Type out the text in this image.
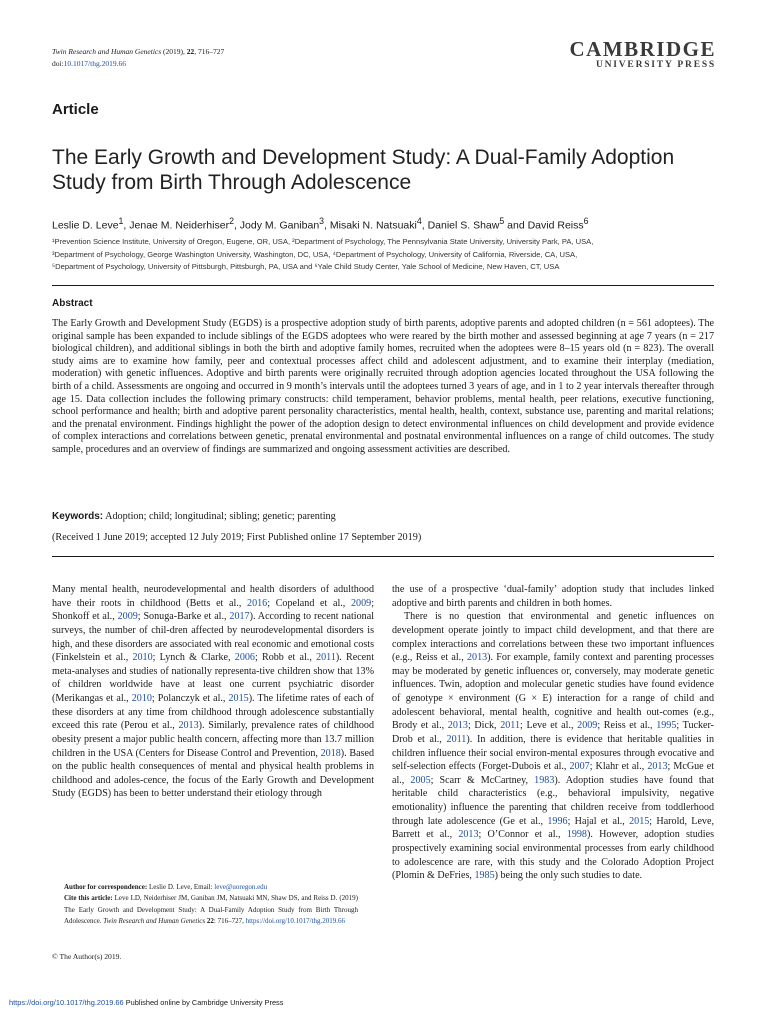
Twin Research and Human Genetics (2019), 22, 716–727
doi:10.1017/thg.2019.66
CAMBRIDGE
UNIVERSITY PRESS
Article
The Early Growth and Development Study: A Dual-Family Adoption Study from Birth Through Adolescence
Leslie D. Leve$^1$, Jenae M. Neiderhiser$^2$, Jody M. Ganiban$^3$, Misaki N. Natsuaki$^4$, Daniel S. Shaw$^5$ and David Reiss$^6$
¹Prevention Science Institute, University of Oregon, Eugene, OR, USA, ²Department of Psychology, The Pennsylvania State University, University Park, PA, USA,
³Department of Psychology, George Washington University, Washington, DC, USA, ⁴Department of Psychology, University of California, Riverside, CA, USA,
⁵Department of Psychology, University of Pittsburgh, Pittsburgh, PA, USA and ⁶Yale Child Study Center, Yale School of Medicine, New Haven, CT, USA
Abstract
The Early Growth and Development Study (EGDS) is a prospective adoption study of birth parents, adoptive parents and adopted children (n = 561 adoptees). The original sample has been expanded to include siblings of the EGDS adoptees who were reared by the birth mother and assessed beginning at age 7 years (n = 217 biological children), and additional siblings in both the birth and adoptive family homes, recruited when the adoptees were 8–15 years old (n = 823). The overall study aims are to examine how family, peer and contextual processes affect child and adolescent adjustment, and to examine their interplay (mediation, moderation) with genetic influences. Adoptive and birth parents were originally recruited through adoption agencies located throughout the USA following the birth of a child. Assessments are ongoing and occurred in 9 month’s intervals until the adoptees turned 3 years of age, and in 1 to 2 year intervals thereafter through age 15. Data collection includes the following primary constructs: child temperament, behavior problems, mental health, peer relations, executive functioning, school performance and health; birth and adoptive parent personality characteristics, mental health, health, context, substance use, parenting and marital relations; and the prenatal environment. Findings highlight the power of the adoption design to detect environmental influences on child development and provide evidence of complex interactions and correlations between genetic, prenatal environmental and postnatal environmental influences on a range of child outcomes. The study sample, procedures and an overview of findings are summarized and ongoing assessment activities are described.
Keywords: Adoption; child; longitudinal; sibling; genetic; parenting
(Received 1 June 2019; accepted 12 July 2019; First Published online 17 September 2019)

Many mental health, neurodevelopmental and health disorders of adulthood have their roots in childhood (Betts et al., 2016; Copeland et al., 2009; Shonkoff et al., 2009; Sonuga-Barke et al., 2017). According to recent national surveys, the number of chil-dren affected by neurodevelopmental disorders is high, and these disorders are associated with real economic and emotional costs (Finkelstein et al., 2010; Lynch & Clarke, 2006; Robb et al., 2011). Recent meta-analyses and studies of nationally representa-tive children show that 13% of children worldwide have at least one current psychiatric disorder (Merikangas et al., 2010; Polanczyk et al., 2015). The lifetime rates of each of these disorders at any time from childhood through adolescence substantially exceed this rate (Perou et al., 2013). Similarly, prevalence rates of childhood obesity present a major public health concern, affecting more than 13.7 million children in the USA (Centers for Disease Control and Prevention, 2018). Based on the public health consequences of mental and physical health problems in childhood and adoles-cence, the focus of the Early Growth and Development Study (EGDS) has been to better understand their etiology through

the use of a prospective ‘dual-family’ adoption study that includes linked adoptive and birth parents and children in both homes.

There is no question that environmental and genetic influences on development operate jointly to impact child development, and that there are complex interactions and correlations between these two important influences (e.g., Reiss et al., 2013). For example, family context and parenting processes may be moderated by genetic influences or, conversely, may moderate genetic influences. Twin, adoption and molecular genetic studies have found evidence of genotype × environment (G × E) interaction for a range of child and adolescent behavioral, mental health, cognitive and health out-comes (e.g., Brody et al., 2013; Dick, 2011; Leve et al., 2009; Reiss et al., 1995; Tucker-Drob et al., 2011). In addition, there is evidence that heritable qualities in children influence their social environ-mental exposures through evocative and self-selection effects (Forget-Dubois et al., 2007; Klahr et al., 2013; McGue et al., 2005; Scarr & McCartney, 1983). Adoption studies have found that heritable child characteristics (e.g., behavioral impulsivity, negative emotionality) influence the parenting that children receive from toddlerhood through late adolescence (Ge et al., 1996; Hajal et al., 2015; Harold, Leve, Barrett et al., 2013; O’Connor et al., 1998). However, adoption studies prospectively examining social environmental processes from early childhood to adolescence are rare, with this study and the Colorado Adoption Project (Plomin & DeFries, 1985) being the only such studies to date.

Author for correspondence: Leslie D. Leve, Email: leve@uoregon.edu
Cite this article: Leve LD, Neiderhiser JM, Ganiban JM, Natsuaki MN, Shaw DS, and Reiss D. (2019) The Early Growth and Development Study: A Dual-Family Adoption Study from Birth Through Adolescence. Twin Research and Human Genetics 22: 716–727, https://doi.org/10.1017/thg.2019.66
© The Author(s) 2019.
https://doi.org/10.1017/thg.2019.66 Published online by Cambridge University Press
